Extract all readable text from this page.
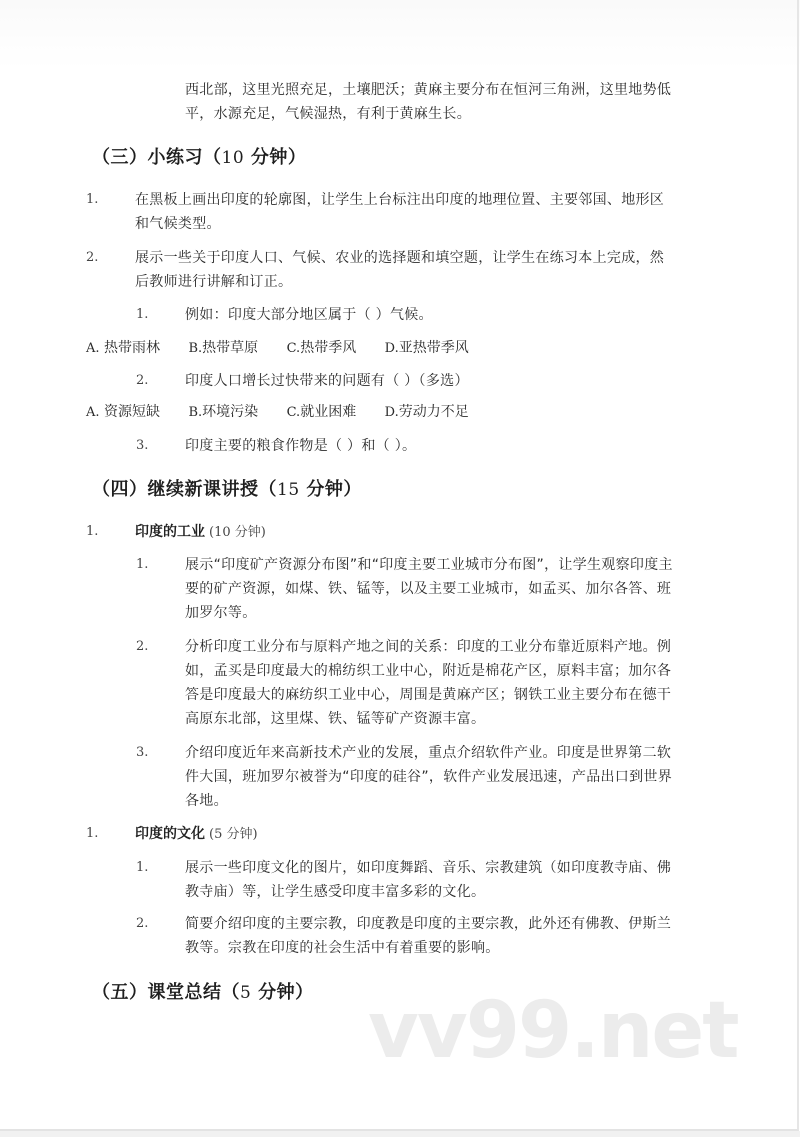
西北部，这里光照充足，土壤肥沃；黄麻主要分布在恒河三角洲，这里地势低
平，水源充足，气候湿热，有利于黄麻生长。
（三）小练习（10 分钟）
1.	在黑板上画出印度的轮廓图，让学生上台标注出印度的地理位置、主要邻国、地形区
和气候类型。
2.	展示一些关于印度人口、气候、农业的选择题和填空题，让学生在练习本上完成，然
后教师进行讲解和订正。
1.	例如：印度大部分地区属于（ ）气候。
A. 热带雨林 B.热带草原 C.热带季风 D.亚热带季风
2.	印度人口增长过快带来的问题有（ ）（多选）
A. 资源短缺 B.环境污染 C.就业困难 D.劳动力不足
3.	印度主要的粮食作物是（ ）和（ ）。
（四）继续新课讲授（15 分钟）
1.	印度的工业 (10 分钟)
1.	展示“印度矿产资源分布图”和“印度主要工业城市分布图”，让学生观察印度主
要的矿产资源，如煤、铁、锰等，以及主要工业城市，如孟买、加尔各答、班
加罗尔等。
2.	分析印度工业分布与原料产地之间的关系：印度的工业分布靠近原料产地。例
如，孟买是印度最大的棉纺织工业中心，附近是棉花产区，原料丰富；加尔各
答是印度最大的麻纺织工业中心，周围是黄麻产区；钢铁工业主要分布在德干
高原东北部，这里煤、铁、锰等矿产资源丰富。
3.	介绍印度近年来高新技术产业的发展，重点介绍软件产业。印度是世界第二软
件大国，班加罗尔被誉为“印度的硅谷”，软件产业发展迅速，产品出口到世界
各地。
1.	印度的文化 (5 分钟)
1.	展示一些印度文化的图片，如印度舞蹈、音乐、宗教建筑（如印度教寺庙、佛
教寺庙）等，让学生感受印度丰富多彩的文化。
2.	简要介绍印度的主要宗教，印度教是印度的主要宗教，此外还有佛教、伊斯兰
教等。宗教在印度的社会生活中有着重要的影响。
（五）课堂总结（5 分钟） vv99.net
